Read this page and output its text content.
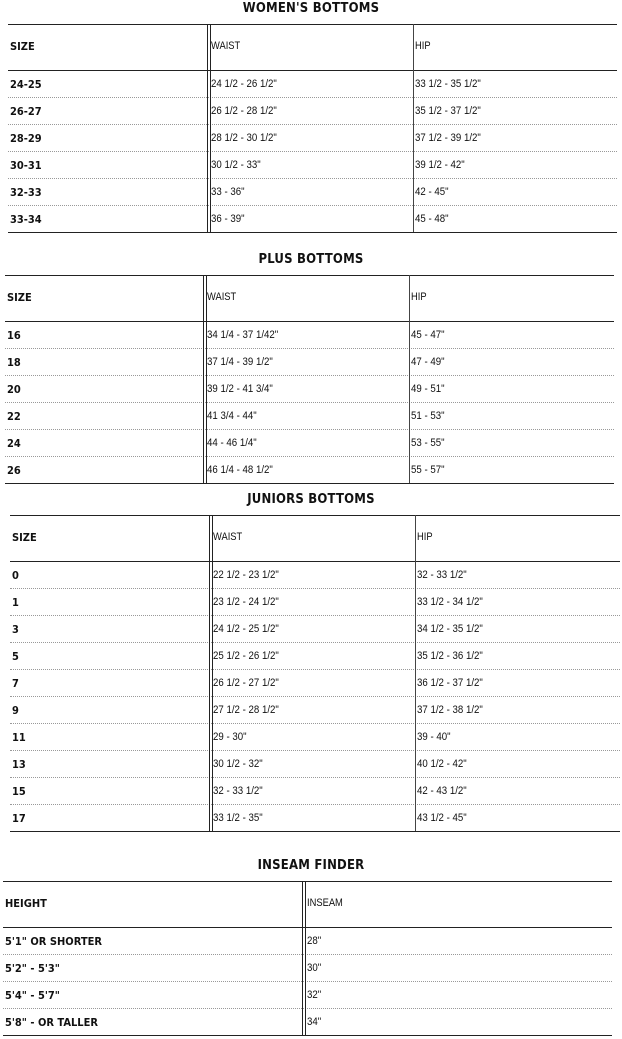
WOMEN'S BOTTOMS
SIZE	WAIST	HIP
24-25	24 1/2 - 26 1/2"	33 1/2 - 35 1/2"
26-27	26 1/2 - 28 1/2"	35 1/2 - 37 1/2"
28-29	28 1/2 - 30 1/2"	37 1/2 - 39 1/2"
30-31	30 1/2 - 33"	39 1/2 - 42"
32-33	33 - 36"	42 - 45"
33-34	36 - 39"	45 - 48"
PLUS BOTTOMS
SIZE	WAIST	HIP
16	34 1/4 - 37 1/42"	45 - 47"
18	37 1/4 - 39 1/2"	47 - 49"
20	39 1/2 - 41 3/4"	49 - 51"
22	41 3/4 - 44"	51 - 53"
24	44 - 46 1/4"	53 - 55"
26	46 1/4 - 48 1/2"	55 - 57"
JUNIORS BOTTOMS
SIZE	WAIST	HIP
0	22 1/2 - 23 1/2"	32 - 33 1/2"
1	23 1/2 - 24 1/2"	33 1/2 - 34 1/2"
3	24 1/2 - 25 1/2"	34 1/2 - 35 1/2"
5	25 1/2 - 26 1/2"	35 1/2 - 36 1/2"
7	26 1/2 - 27 1/2"	36 1/2 - 37 1/2"
9	27 1/2 - 28 1/2"	37 1/2 - 38 1/2"
11	29 - 30"	39 - 40"
13	30 1/2 - 32"	40 1/2 - 42"
15	32 - 33 1/2"	42 - 43 1/2"
17	33 1/2 - 35"	43 1/2 - 45"
INSEAM FINDER
HEIGHT	INSEAM
5'1" OR SHORTER	28"
5'2" - 5'3"	30"
5'4" - 5'7"	32"
5'8" - OR TALLER	34"
